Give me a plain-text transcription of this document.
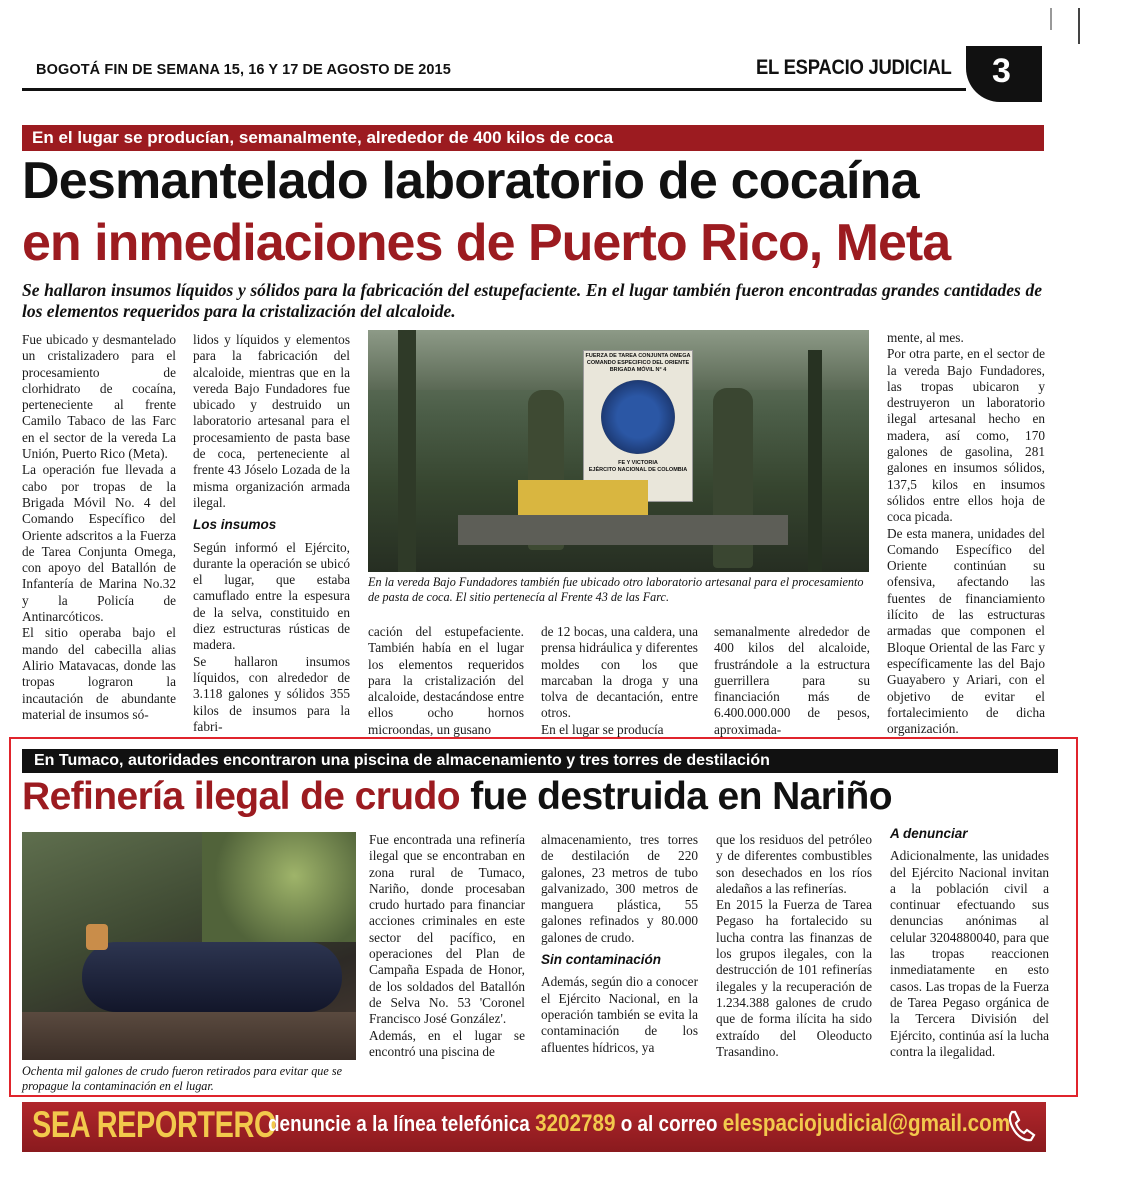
BOGOTÁ FIN DE SEMANA 15, 16 Y 17 DE AGOSTO DE 2015	EL ESPACIO JUDICIAL 3
En el lugar se producían, semanalmente, alrededor de 400 kilos de coca
Desmantelado laboratorio de cocaína
en inmediaciones de Puerto Rico, Meta
Se hallaron insumos líquidos y sólidos para la fabricación del estupefaciente. En el lugar también fueron encontradas grandes cantidades de los elementos requeridos para la cristalización del alcaloide.

Fue ubicado y desmantelado un cristalizadero para el procesamiento de clorhidrato de cocaína, perteneciente al frente Camilo Tabaco de las Farc en el sector de la vereda La Unión, Puerto Rico (Meta).
La operación fue llevada a cabo por tropas de la Brigada Móvil No. 4 del Comando Específico del Oriente adscritos a la Fuerza de Tarea Conjunta Omega, con apoyo del Batallón de Infantería de Marina No.32 y la Policía de Antinarcóticos.
El sitio operaba bajo el mando del cabecilla alias Alirio Matavacas, donde las tropas lograron la incautación de abundante material de insumos só-

lidos y líquidos y elementos para la fabricación del alcaloide, mientras que en la vereda Bajo Fundadores fue ubicado y destruido un laboratorio artesanal para el procesamiento de pasta base de coca, perteneciente al frente 43 Jóselo Lozada de la misma organización armada ilegal.

Los insumos

Según informó el Ejército, durante la operación se ubicó el lugar, que estaba camuflado entre la espesura de la selva, constituido en diez estructuras rústicas de madera.
Se hallaron insumos líquidos, con alrededor de 3.118 galones y sólidos 355 kilos de insumos para la fabri-

FUERZA DE TAREA CONJUNTA OMEGA
COMANDO ESPECIFICO DEL ORIENTE
BRIGADA MÓVIL N° 4
FE Y VICTORIA
EJÉRCITO NACIONAL DE COLOMBIA
En la vereda Bajo Fundadores también fue ubicado otro laboratorio artesanal para el procesamiento de pasta de coca. El sitio pertenecía al Frente 43 de las Farc.

cación del estupefaciente. También había en el lugar los elementos requeridos para la cristalización del alcaloide, destacándose entre ellos ocho hornos microondas, un gusano

de 12 bocas, una caldera, una prensa hidráulica y diferentes moldes con los que marcaban la droga y una tolva de decantación, entre otros.
En el lugar se producía

semanalmente alrededor de 400 kilos del alcaloide, frustrándole a la estructura guerrillera para su financiación más de 6.400.000.000 de pesos, aproximada-

mente, al mes.
Por otra parte, en el sector de la vereda Bajo Fundadores, las tropas ubicaron y destruyeron un laboratorio ilegal artesanal hecho en madera, así como, 170 galones de gasolina, 281 galones en insumos sólidos, 137,5 kilos en insumos sólidos entre ellos hoja de coca picada.
De esta manera, unidades del Comando Específico del Oriente continúan su ofensiva, afectando las fuentes de financiamiento ilícito de las estructuras armadas que componen el Bloque Oriental de las Farc y específicamente las del Bajo Guayabero y Ariari, con el objetivo de evitar el fortalecimiento de dicha organización.

En Tumaco, autoridades encontraron una piscina de almacenamiento y tres torres de destilación
Refinería ilegal de crudo fue destruida en Nariño
Ochenta mil galones de crudo fueron retirados para evitar que se propague la contaminación en el lugar.

Fue encontrada una refinería ilegal que se encontraban en zona rural de Tumaco, Nariño, donde procesaban crudo hurtado para financiar acciones criminales en este sector del pacífico, en operaciones del Plan de Campaña Espada de Honor, de los soldados del Batallón de Selva No. 53 'Coronel Francisco José González'.
Además, en el lugar se encontró una piscina de

almacenamiento, tres torres de destilación de 220 galones, 23 metros de tubo galvanizado, 300 metros de manguera plástica, 55 galones refinados y 80.000 galones de crudo.

Sin contaminación

Además, según dio a conocer el Ejército Nacional, en la operación también se evita la contaminación de los afluentes hídricos, ya

que los residuos del petróleo y de diferentes combustibles son desechados en los ríos aledaños a las refinerías.
En 2015 la Fuerza de Tarea Pegaso ha fortalecido su lucha contra las finanzas de los grupos ilegales, con la destrucción de 101 refinerías ilegales y la recuperación de 1.234.388 galones de crudo que de forma ilícita ha sido extraído del Oleoducto Trasandino.

A denunciar

Adicionalmente, las unidades del Ejército Nacional invitan a la población civil a continuar efectuando sus denuncias anónimas al celular 3204880040, para que las tropas reaccionen inmediatamente en esto casos. Las tropas de la Fuerza de Tarea Pegaso orgánica de la Tercera División del Ejército, continúa así la lucha contra la ilegalidad.

SEA REPORTERO
denuncie a la línea telefónica 3202789 o al correo elespaciojudicial@gmail.com
